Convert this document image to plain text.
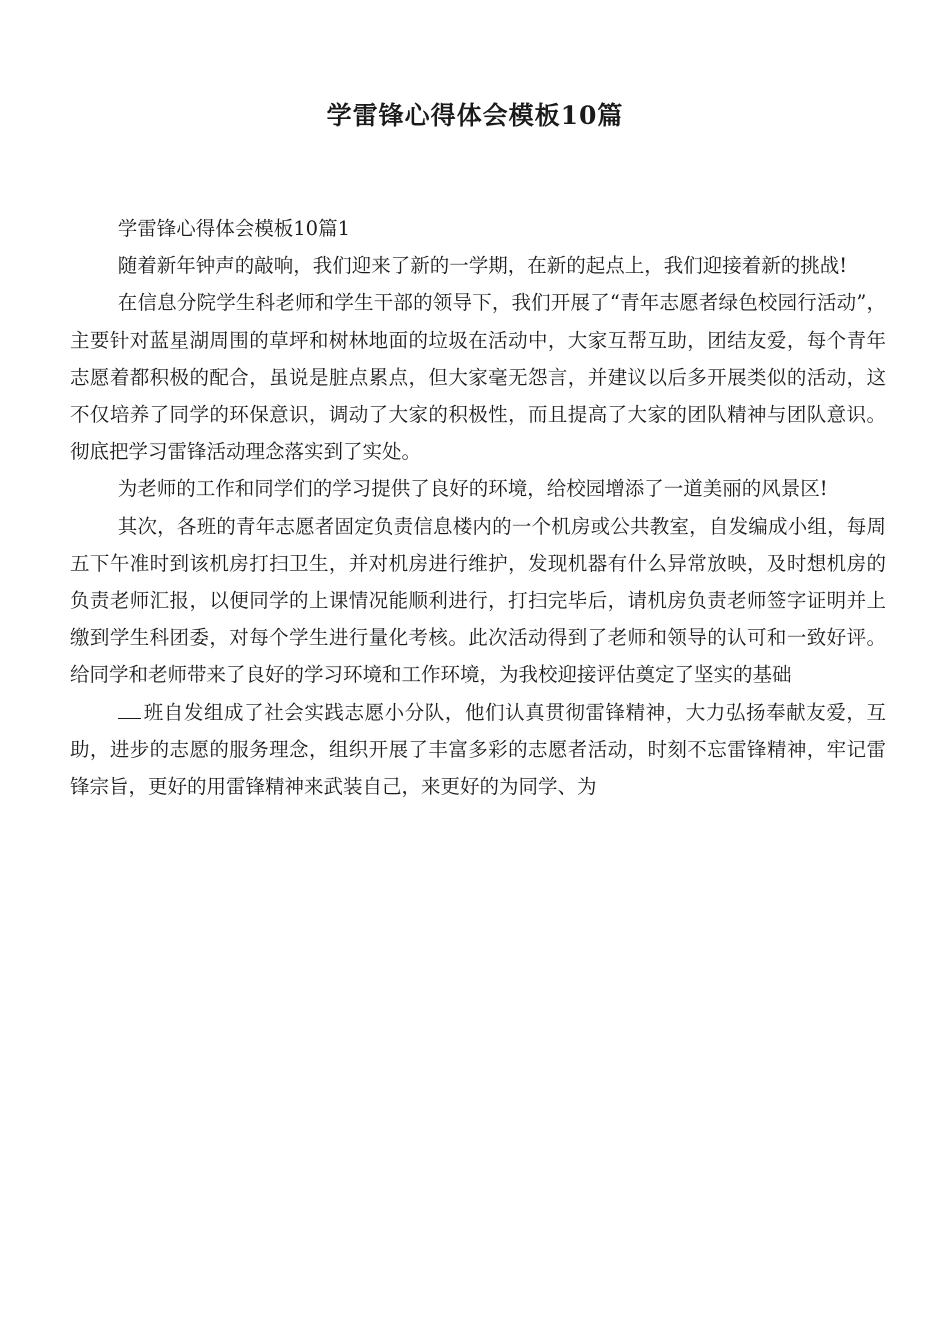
学雷锋心得体会模板10篇

学雷锋心得体会模板10篇1

随着新年钟声的敲响，我们迎来了新的一学期，在新的起点上，我们迎接着新的挑战!

在信息分院学生科老师和学生干部的领导下，我们开展了“青年志愿者绿色校园行活动”，主要针对蓝星湖周围的草坪和树林地面的垃圾在活动中，大家互帮互助，团结友爱，每个青年志愿着都积极的配合，虽说是脏点累点，但大家毫无怨言，并建议以后多开展类似的活动，这不仅培养了同学的环保意识，调动了大家的积极性，而且提高了大家的团队精神与团队意识。彻底把学习雷锋活动理念落实到了实处。

为老师的工作和同学们的学习提供了良好的环境，给校园增添了一道美丽的风景区!

其次，各班的青年志愿者固定负责信息楼内的一个机房或公共教室，自发编成小组，每周五下午准时到该机房打扫卫生，并对机房进行维护，发现机器有什么异常放映，及时想机房的负责老师汇报，以便同学的上课情况能顺利进行，打扫完毕后，请机房负责老师签字证明并上缴到学生科团委，对每个学生进行量化考核。此次活动得到了老师和领导的认可和一致好评。给同学和老师带来了良好的学习环境和工作环境，为我校迎接评估奠定了坚实的基础

班自发组成了社会实践志愿小分队，他们认真贯彻雷锋精神，大力弘扬奉献友爱，互助，进步的志愿的服务理念，组织开展了丰富多彩的志愿者活动，时刻不忘雷锋精神，牢记雷锋宗旨，更好的用雷锋精神来武装自己，来更好的为同学、为
